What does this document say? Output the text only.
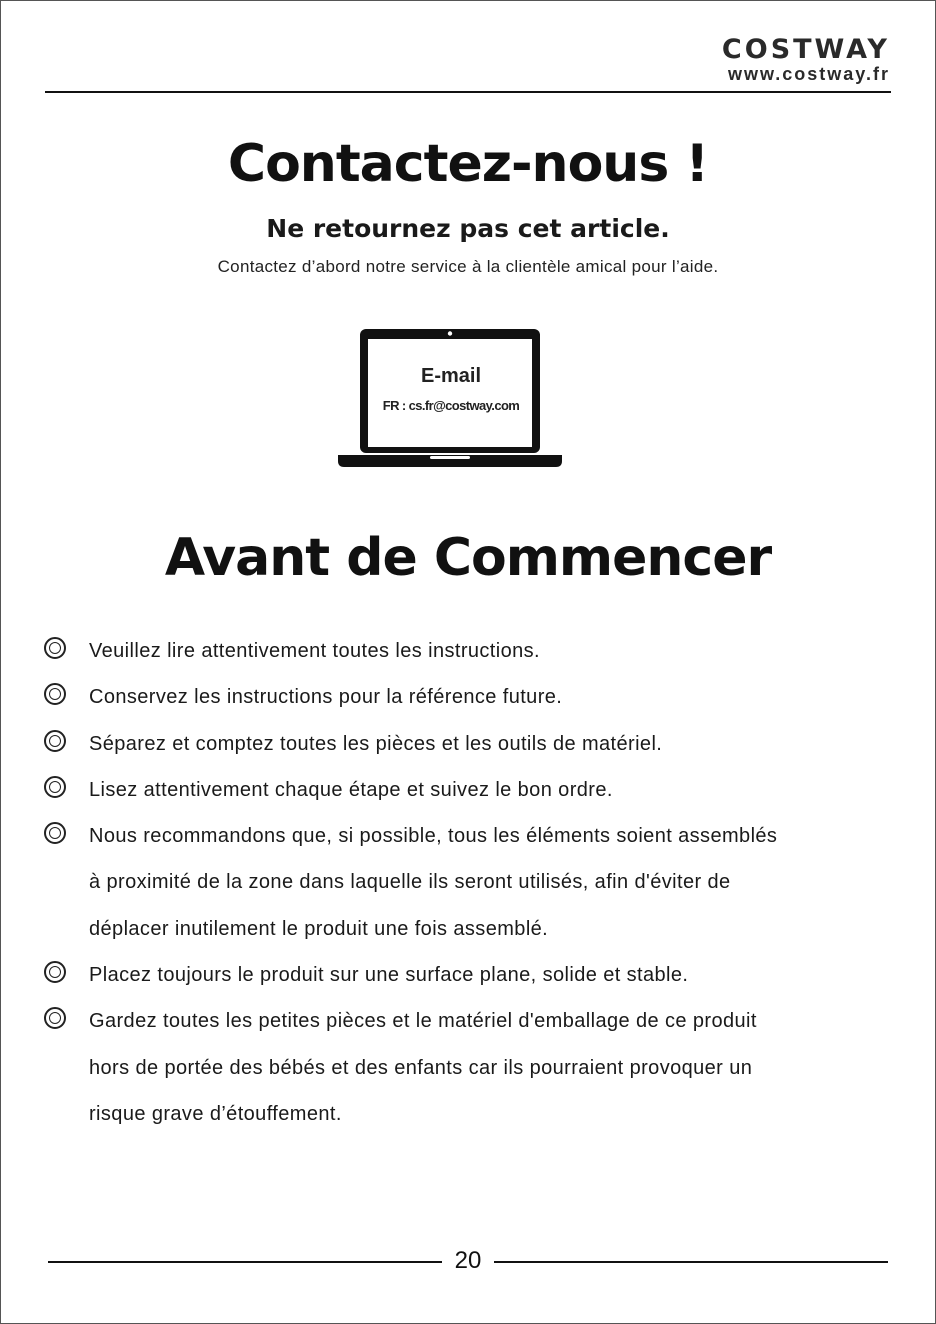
COSTWAY
www.costway.fr
Contactez-nous !
Ne retournez pas cet article.
Contactez d’abord notre service à la clientèle amical pour l’aide.
E-mail
FR : cs.fr@costway.com
Avant de Commencer
Veuillez lire attentivement toutes les instructions.
Conservez les instructions pour la référence future.
Séparez et comptez toutes les pièces et les outils de matériel.
Lisez attentivement chaque étape et suivez le bon ordre.
Nous recommandons que, si possible, tous les éléments soient assemblés
à proximité de la zone dans laquelle ils seront utilisés, afin d'éviter de
déplacer inutilement le produit une fois assemblé.
Placez toujours le produit sur une surface plane, solide et stable.
Gardez toutes les petites pièces et le matériel d'emballage de ce produit
hors de portée des bébés et des enfants car ils pourraient provoquer un
risque grave d’étouffement.
20
